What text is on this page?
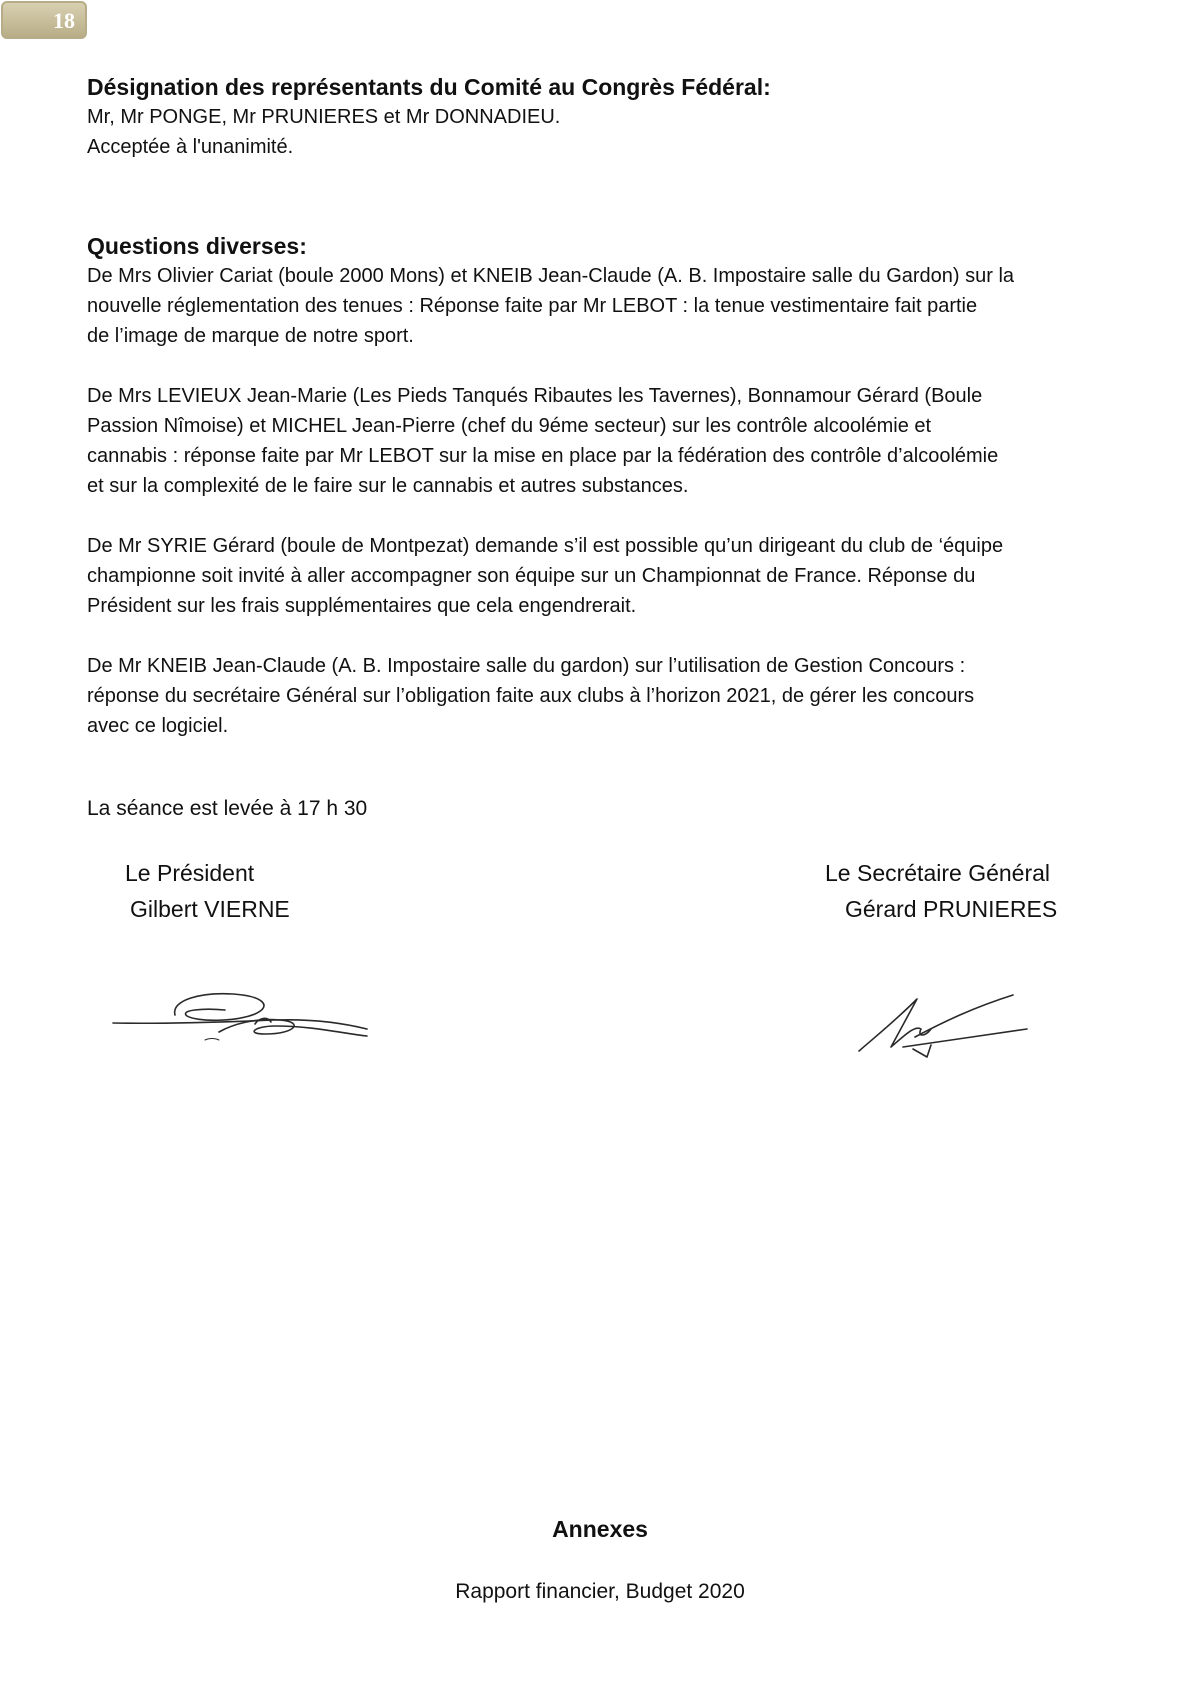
18
Désignation des représentants du Comité au Congrès Fédéral:

Mr, Mr PONGE, Mr PRUNIERES et Mr DONNADIEU.
Acceptée à l'unanimité.

Questions diverses:

De Mrs Olivier Cariat (boule 2000 Mons) et KNEIB Jean-Claude (A. B. Impostaire salle du Gardon) sur la
nouvelle réglementation des tenues : Réponse faite par Mr LEBOT : la tenue vestimentaire fait partie
de l’image de marque de notre sport.

De Mrs LEVIEUX Jean-Marie (Les Pieds Tanqués Ribautes les Tavernes), Bonnamour Gérard (Boule
Passion Nîmoise) et MICHEL Jean-Pierre (chef du 9éme secteur) sur les contrôle alcoolémie et
cannabis : réponse faite par Mr LEBOT sur la mise en place par la fédération des contrôle d’alcoolémie
et sur la complexité de le faire sur le cannabis et autres substances.

De Mr SYRIE Gérard (boule de Montpezat) demande s’il est possible qu’un dirigeant du club de ‘équipe
championne soit invité à aller accompagner son équipe sur un Championnat de France. Réponse du
Président sur les frais supplémentaires que cela engendrerait.

De Mr KNEIB Jean-Claude (A. B. Impostaire salle du gardon) sur l’utilisation de Gestion Concours :
réponse du secrétaire Général sur l’obligation faite aux clubs à l’horizon 2021, de gérer les concours
avec ce logiciel.

La séance est levée à 17 h 30
Le Président
Gilbert VIERNE
Le Secrétaire Général
Gérard PRUNIERES
Annexes
Rapport financier, Budget 2020
